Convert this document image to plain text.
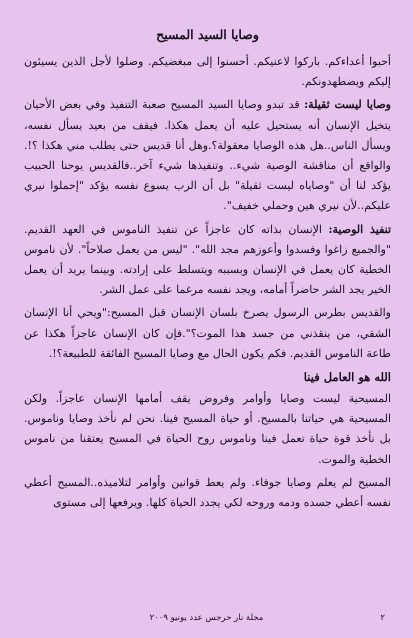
وصايا السيد المسيح

أحبوا أعداءكم. باركوا لاعنيكم. أحسنوا إلى مبغضيكم. وصلوا لأجل الذين يسيئون إليكم ويضطهدونكم.

وصايا ليست ثقيلة: قد تبدو وصايا السيد المسيح صعبة التنفيذ وفي بعض الأحيان يتخيل الإنسان أنه يستحيل عليه أن يعمل هكذا. فيقف من بعيد يسأل نفسه، ويسأل الناس..هل هذه الوصايا معقولة؟.وهل أنا قديس حتى يطلب مني هكذا ؟!. والواقع أن مناقشة الوصية شيء.. وتنفيذها شيء آخر..فالقديس يوحنا الحبيب يؤكد لنا أن "وصاياه ليست ثقيلة" بل أن الرب يسوع نفسه يؤكد "إحملوا نيري عليكم..لأن نيري هين وحملي خفيف".

تنفيذ الوصية: الإنسان بذاته كان عاجزاً عن تنفيذ الناموس في العهد القديم. "والجميع زاغوا وفسدوا وأعوزهم مجد الله". "ليس من يعمل صلاحاً". لأن ناموس الخطية كان يعمل في الإنسان وبسببه ويتسلط على إرادته. وبينما يريد أن يعمل الخير يجد الشر حاضراً أمامه، ويجد نفسه مرغما على عمل الشر.

والقديس بطرس الرسول يصرخ بلسان الإنسان قبل المسيح:"ويحي أنا الإنسان الشقي، من ينقذني من جسد هذا الموت؟".فإن كان الإنسان عاجزاً هكذا عن طاعة الناموس القديم. فكم يكون الحال مع وصايا المسيح الفائقة للطبيعة؟!.

الله هو العامل فينا

المسيحية ليست وصايا وأوامر وفروض يقف أمامها الإنسان عاجزاً. ولكن المسيحية هي حياتنا بالمسيح. أو حياة المسيح فينا. نحن لم نأخذ وصايا وناموس. بل نأخذ قوة حياة تعمل فينا وناموس روح الحياة في المسيح يعتقنا من ناموس الخطية والموت.

المسيح لم يعلم وصايا جوفاء. ولم يعط قوانين وأوامر لتلاميذه..المسيح أعطي نفسه أعطي جسده ودمه وروحه لكي يجدد الحياة كلها. ويرفعها إلى مستوى

٢
مجلة نار حرجس عدد يونيو ٢٠٠٩
